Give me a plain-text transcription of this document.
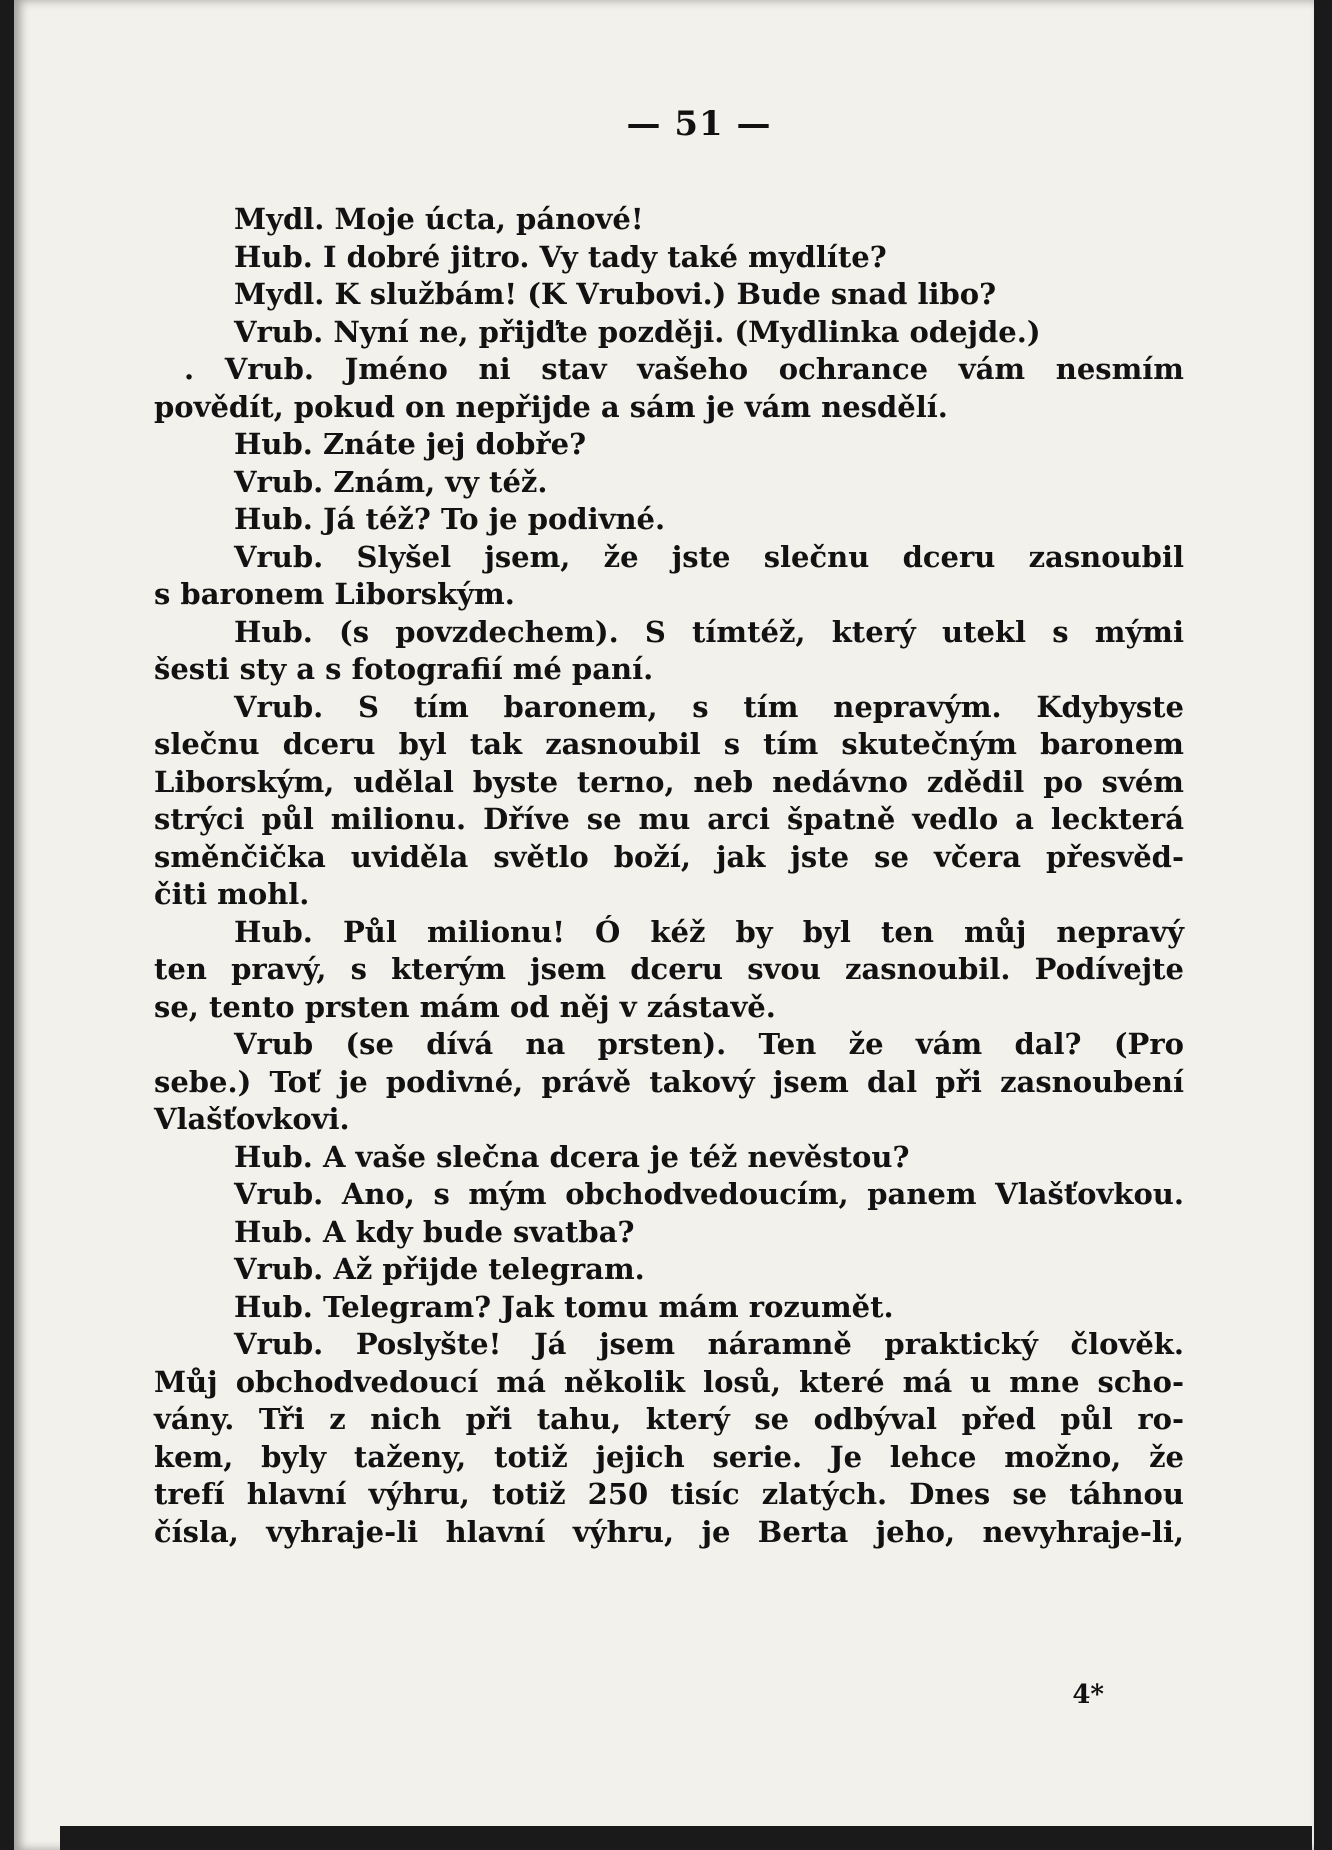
— 51 —
Mydl. Moje úcta, pánové!
Hub. I dobré jitro. Vy tady také mydlíte?
Mydl. K službám! (K Vrubovi.) Bude snad libo?
Vrub. Nyní ne, přijďte později. (Mydlinka odejde.)
. Vrub. Jméno ni stav vašeho ochrance vám nesmím
povědít, pokud on nepřijde a sám je vám nesdělí.
Hub. Znáte jej dobře?
Vrub. Znám, vy též.
Hub. Já též? To je podivné.
Vrub. Slyšel jsem, že jste slečnu dceru zasnoubil
s baronem Liborským.
Hub. (s povzdechem). S tímtéž, který utekl s mými
šesti sty a s fotografií mé paní.
Vrub. S tím baronem, s tím nepravým. Kdybyste
slečnu dceru byl tak zasnoubil s tím skutečným baronem
Liborským, udělal byste terno, neb nedávno zdědil po svém
strýci půl milionu. Dříve se mu arci špatně vedlo a leckterá
směnčička uviděla světlo boží, jak jste se včera přesvěd-
čiti mohl.
Hub. Půl milionu! Ó kéž by byl ten můj nepravý
ten pravý, s kterým jsem dceru svou zasnoubil. Podívejte
se, tento prsten mám od něj v zástavě.
Vrub (se dívá na prsten). Ten že vám dal? (Pro
sebe.) Toť je podivné, právě takový jsem dal při zasnoubení
Vlašťovkovi.
Hub. A vaše slečna dcera je též nevěstou?
Vrub. Ano, s mým obchodvedoucím, panem Vlašťovkou.
Hub. A kdy bude svatba?
Vrub. Až přijde telegram.
Hub. Telegram? Jak tomu mám rozumět.
Vrub. Poslyšte! Já jsem náramně praktický člověk.
Můj obchodvedoucí má několik losů, které má u mne scho-
vány. Tři z nich při tahu, který se odbýval před půl ro-
kem, byly taženy, totiž jejich serie. Je lehce možno, že
trefí hlavní výhru, totiž 250 tisíc zlatých. Dnes se táhnou
čísla, vyhraje-li hlavní výhru, je Berta jeho, nevyhraje-li,
4*
